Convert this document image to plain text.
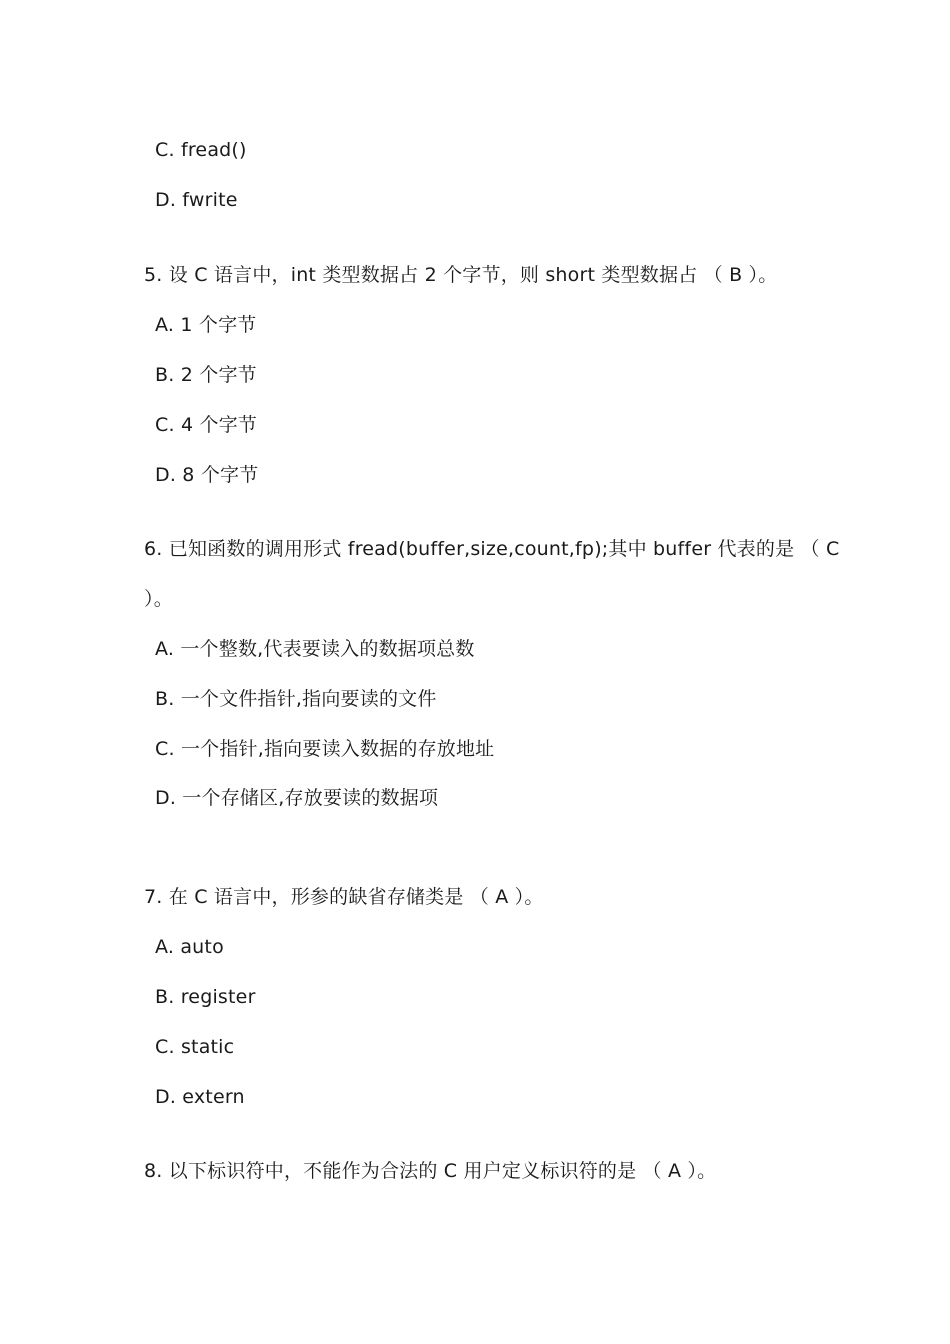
C. fread()
D. fwrite
5. 设 C 语言中，int 类型数据占 2 个字节，则 short 类型数据占 （ B ）。
A. 1 个字节
B. 2 个字节
C. 4 个字节
D. 8 个字节
6. 已知函数的调用形式 fread(buffer,size,count,fp);其中 buffer 代表的是 （ C
）。
A. 一个整数,代表要读入的数据项总数
B. 一个文件指针,指向要读的文件
C. 一个指针,指向要读入数据的存放地址
D. 一个存储区,存放要读的数据项
7. 在 C 语言中，形参的缺省存储类是 （ A ）。
A. auto
B. register
C. static
D. extern
8. 以下标识符中，不能作为合法的 C 用户定义标识符的是 （ A ）。
